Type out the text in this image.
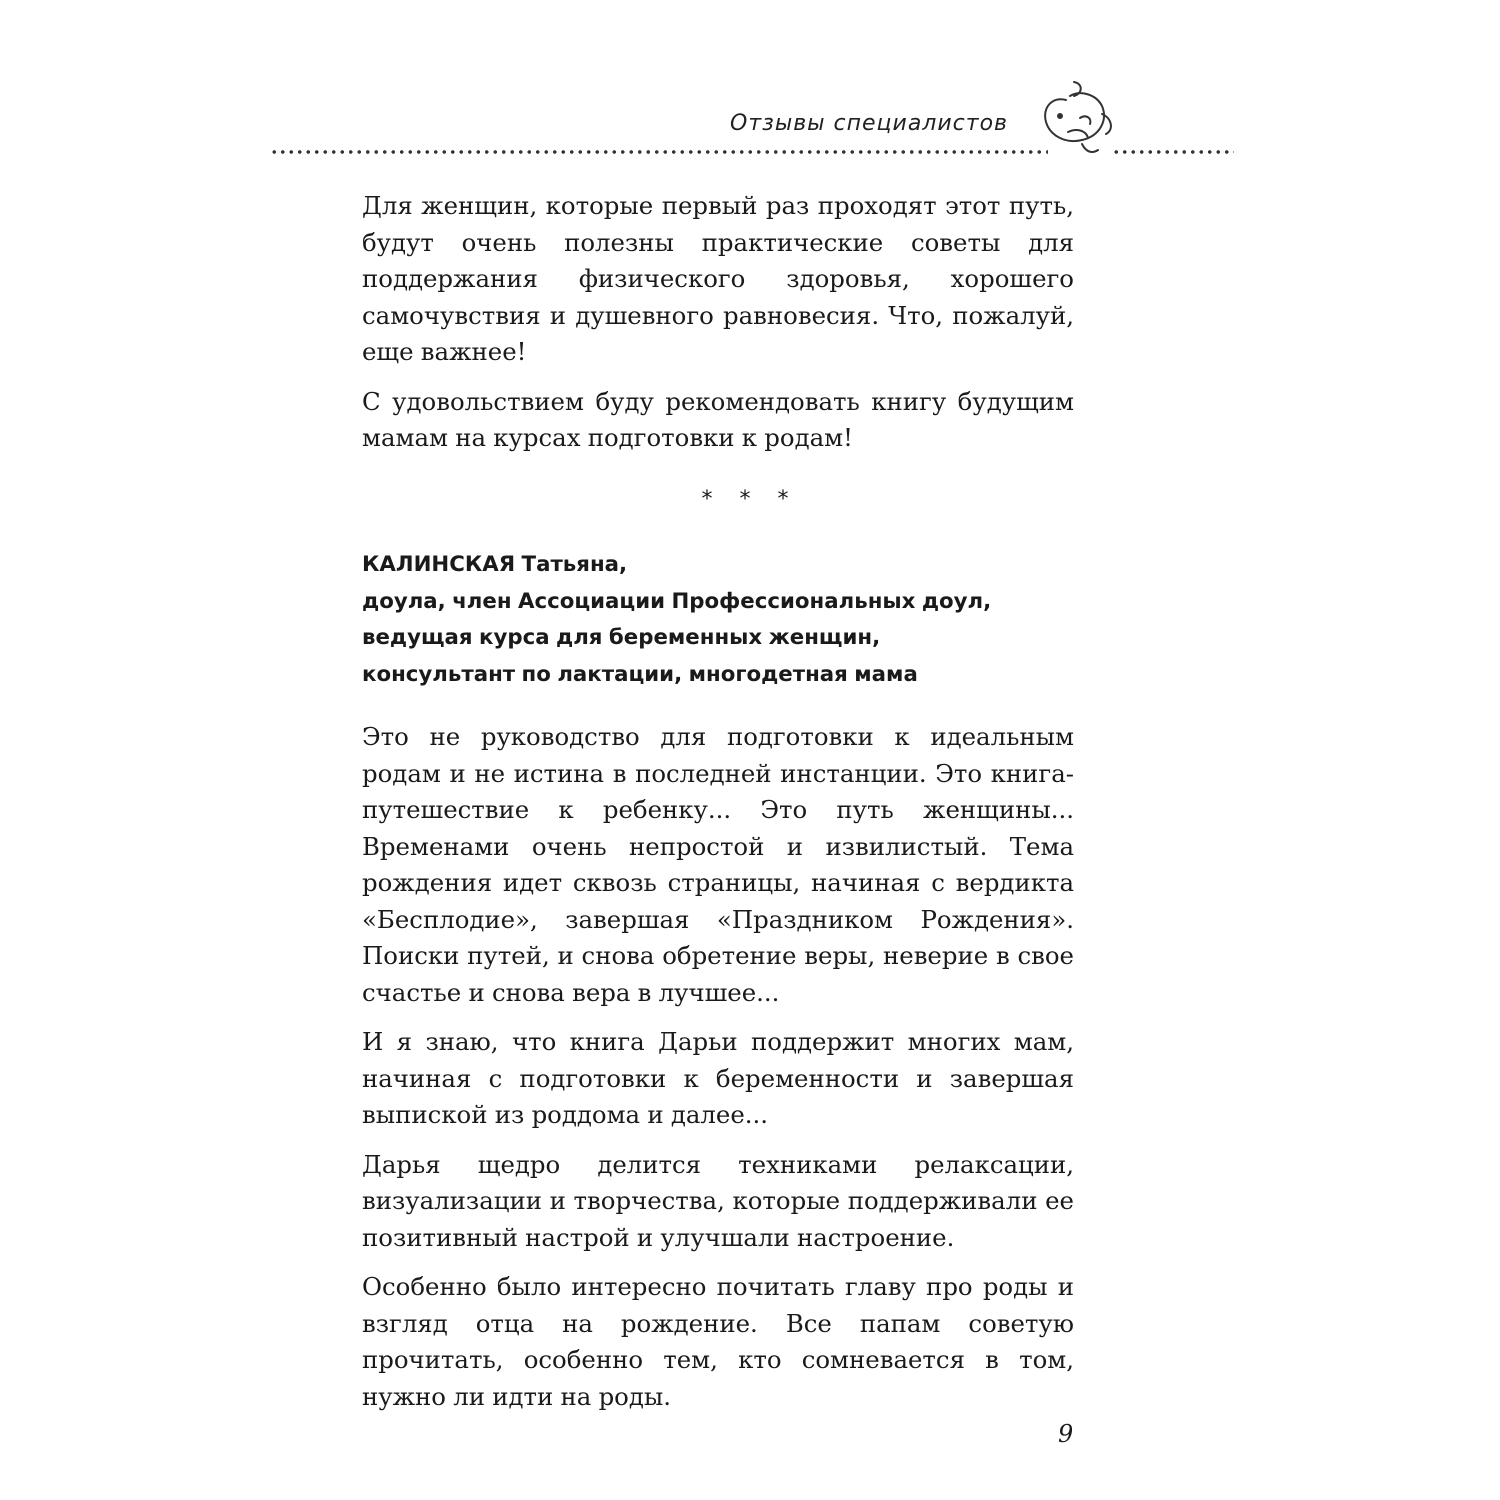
Отзывы специалистов

Для женщин, которые первый раз проходят этот путь, будут очень полезны практические советы для поддержания физического здоровья, хорошего самочувствия и душевного равновесия. Что, пожалуй, еще важнее!

С удовольствием буду рекомендовать книгу будущим мамам на курсах подготовки к родам!

* * *
КАЛИНСКАЯ Татьяна,
доула, член Ассоциации Профессиональных доул,
ведущая курса для беременных женщин,
консультант по лактации, многодетная мама

Это не руководство для подготовки к идеальным родам и не истина в последней инстанции. Это книга-путешествие к ребенку... Это путь женщины... Временами очень непростой и извилистый. Тема рождения идет сквозь страницы, начиная с вердикта «Бесплодие», завершая «Праздником Рождения». Поиски путей, и снова обретение веры, неверие в свое счастье и снова вера в лучшее...

И я знаю, что книга Дарьи поддержит многих мам, начиная с подготовки к беременности и завершая выпиской из роддома и далее...

Дарья щедро делится техниками релаксации, визуализации и творчества, которые поддерживали ее позитивный настрой и улучшали настроение.

Особенно было интересно почитать главу про роды и взгляд отца на рождение. Все папам советую прочитать, особенно тем, кто сомневается в том, нужно ли идти на роды.

9
